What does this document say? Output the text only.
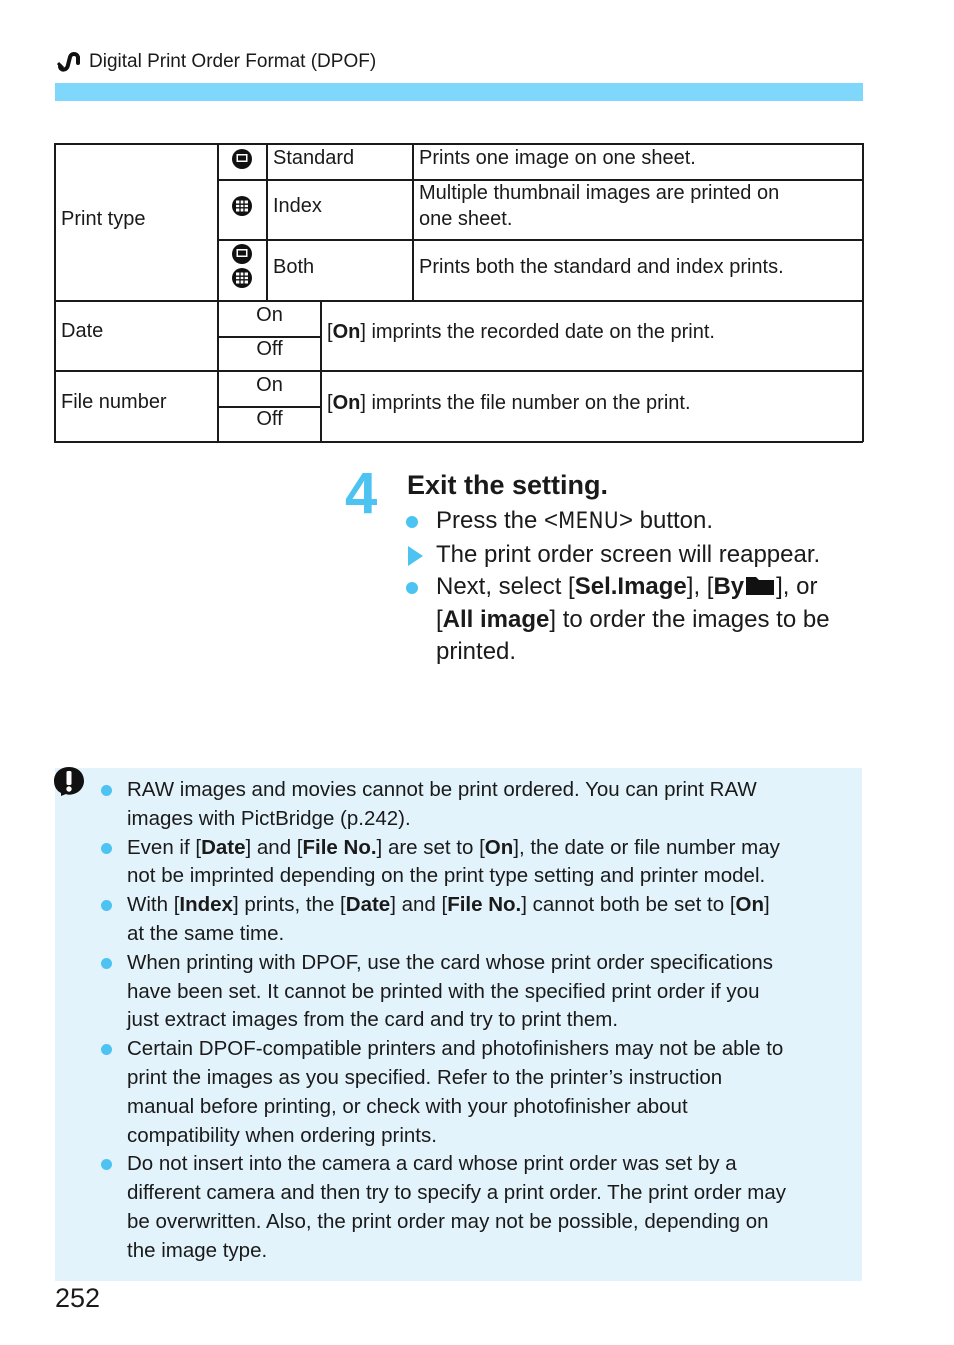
Digital Print Order Format (DPOF)
Print type
Standard	Prints one image on one sheet.
Index
Multiple thumbnail images are printed on
one sheet.
Both	Prints both the standard and index prints.
Date
On
Off
[On] imprints the recorded date on the print.
File number
On
Off
[On] imprints the file number on the print.
4 Exit the setting.
Press the <MENU> button.
The print order screen will reappear.
Next, select [Sel.Image], [By ], or
[All image] to order the images to be
printed.
RAW images and movies cannot be print ordered. You can print RAW
images with PictBridge (p.242).
Even if [Date] and [File No.] are set to [On], the date or file number may
not be imprinted depending on the print type setting and printer model.
With [Index] prints, the [Date] and [File No.] cannot both be set to [On]
at the same time.
When printing with DPOF, use the card whose print order specifications
have been set. It cannot be printed with the specified print order if you
just extract images from the card and try to print them.
Certain DPOF-compatible printers and photofinishers may not be able to
print the images as you specified. Refer to the printer’s instruction
manual before printing, or check with your photofinisher about
compatibility when ordering prints.
Do not insert into the camera a card whose print order was set by a
different camera and then try to specify a print order. The print order may
be overwritten. Also, the print order may not be possible, depending on
the image type.
252
